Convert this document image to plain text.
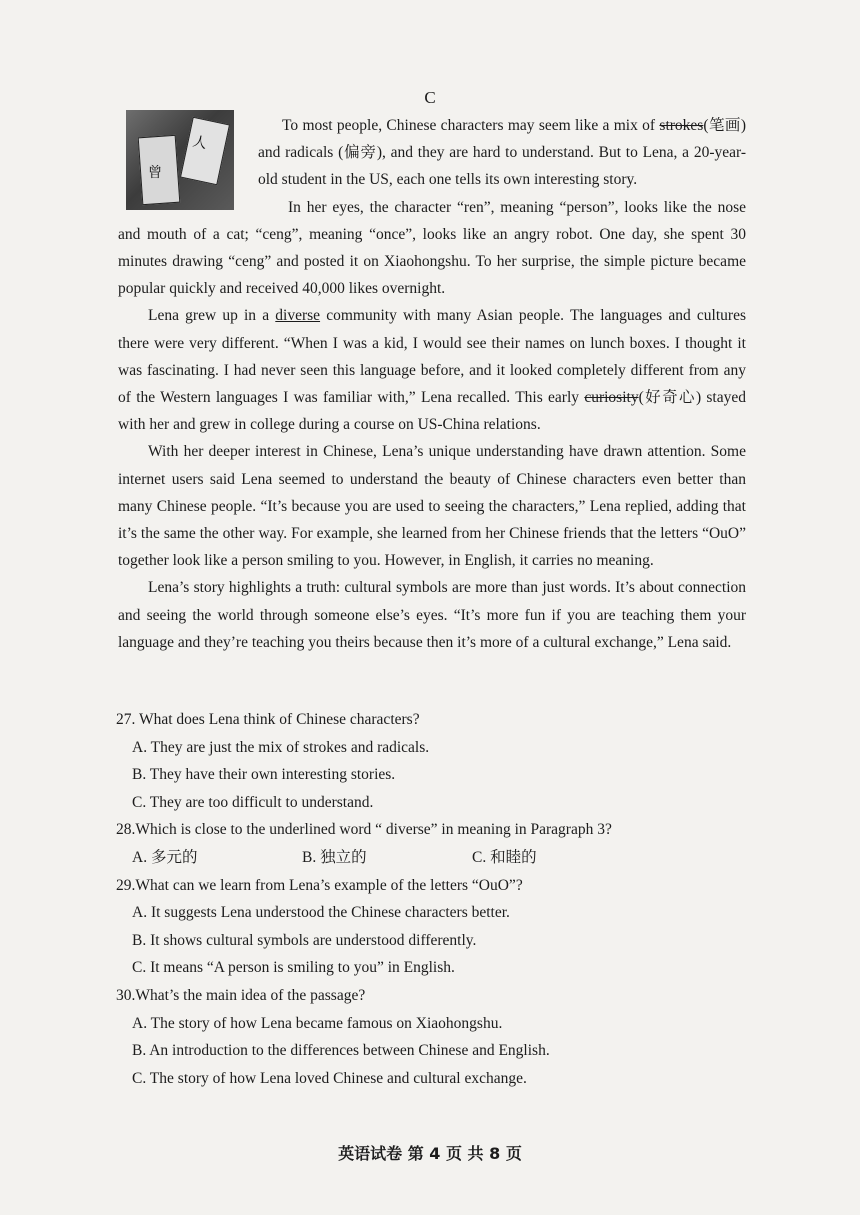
C
人
曾

To most people, Chinese characters may seem like a mix of strokes(笔画) and radicals (偏旁), and they are hard to understand. But to Lena, a 20-year-old student in the US, each one tells its own interesting story.

In her eyes, the character “ren”, meaning “person”, looks like the nose and mouth of a cat; “ceng”, meaning “once”, looks like an angry robot. One day, she spent 30 minutes drawing “ceng” and posted it on Xiaohongshu. To her surprise, the simple picture became popular quickly and received 40,000 likes overnight.

Lena grew up in a diverse community with many Asian people. The languages and cultures there were very different. “When I was a kid, I would see their names on lunch boxes. I thought it was fascinating. I had never seen this language before, and it looked completely different from any of the Western languages I was familiar with,” Lena recalled. This early curiosity(好奇心) stayed with her and grew in college during a course on US-China relations.

With her deeper interest in Chinese, Lena’s unique understanding have drawn attention. Some internet users said Lena seemed to understand the beauty of Chinese characters even better than many Chinese people. “It’s because you are used to seeing the characters,” Lena replied, adding that it’s the same the other way. For example, she learned from her Chinese friends that the letters “OuO” together look like a person smiling to you. However, in English, it carries no meaning.

Lena’s story highlights a truth: cultural symbols are more than just words. It’s about connection and seeing the world through someone else’s eyes. “It’s more fun if you are teaching them your language and they’re teaching you theirs because then it’s more of a cultural exchange,” Lena said.

27. What does Lena think of Chinese characters?

A. They are just the mix of strokes and radicals.

B. They have their own interesting stories.

C. They are too difficult to understand.

28.Which is close to the underlined word “ diverse” in meaning in Paragraph 3?

A. 多元的	B. 独立的	C. 和睦的

29.What can we learn from Lena’s example of the letters “OuO”?

A. It suggests Lena understood the Chinese characters better.

B. It shows cultural symbols are understood differently.

C. It means “A person is smiling to you” in English.

30.What’s the main idea of the passage?

A. The story of how Lena became famous on Xiaohongshu.

B. An introduction to the differences between Chinese and English.

C. The story of how Lena loved Chinese and cultural exchange.

英语试卷 第 4 页 共 8 页
